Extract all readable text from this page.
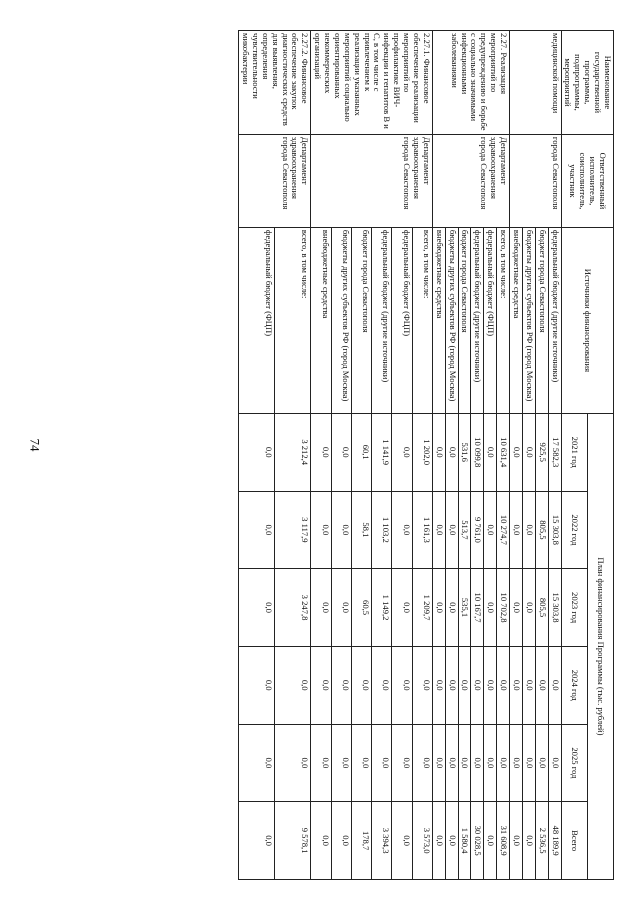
74
Наименование государственной программы, подпрограммы, мероприятий	Ответственный исполнитель, соисполнитель, участник	Источники финансирования	План финансирования Программы (тыс. рублей)					
			2021 год	2022 год	2023 год	2024 год	2025 год	Всего
медицинской помощи	города Севастополя	федеральный бюджет (другие источники)	17 582,3	15 303,8	15 303,8	0,0	0,0	48 189,9
		бюджет города Севастополя	925,5	805,5	805,5	0,0	0,0	2 536,5
		бюджеты других субъектов РФ (город Москва)	0,0	0,0	0,0	0,0	0,0	0,0
		внебюджетные средства	0,0	0,0	0,0	0,0	0,0	0,0
2.27. Реализация мероприятий по предупреждению и борьбе с социально значимыми инфекционными заболеваниями	Департамент здравоохранения города Севастополя	всего, в том числе:	10 631,4	10 274,7	10 702,8	0,0	0,0	31 608,9
		федеральный бюджет (ФЦП)	0,0	0,0	0,0	0,0	0,0	0,0
		федеральный бюджет (другие источники)	10 099,8	9 761,0	10 167,7	0,0	0,0	30 028,5
		бюджет города Севастополя	531,6	513,7	535,1	0,0	0,0	1 580,4
		бюджеты других субъектов РФ (город Москва)	0,0	0,0	0,0	0,0	0,0	0,0
		внебюджетные средства	0,0	0,0	0,0	0,0	0,0	0,0
2.27.1. Финансовое обеспечение реализации мероприятий по профилактике ВИЧ-инфекции и гепатитов В и С, в том числе с привлечением к реализации указанных мероприятий социально ориентированных некоммерческих организаций	Департамент здравоохранения города Севастополя	всего, в том числе:	1 202,0	1 161,3	1 209,7	0,0	0,0	3 573,0
		федеральный бюджет (ФЦП)	0,0	0,0	0,0	0,0	0,0	0,0
		федеральный бюджет (другие источники)	1 141,9	1 103,2	1 149,2	0,0	0,0	3 394,3
		бюджет города Севастополя	60,1	58,1	60,5	0,0	0,0	178,7
		бюджеты других субъектов РФ (город Москва)	0,0	0,0	0,0	0,0	0,0	0,0
		внебюджетные средства	0,0	0,0	0,0	0,0	0,0	0,0
2.27.2. Финансовое обеспечение закупок диагностических средств для выявления, определения чувствительности микобактерии	Департамент здравоохранения города Севастополя	всего, в том числе:	3 212,4	3 117,9	3 247,8	0,0	0,0	9 578,1
		федеральный бюджет (ФЦП)	0,0	0,0	0,0	0,0	0,0	0,0
